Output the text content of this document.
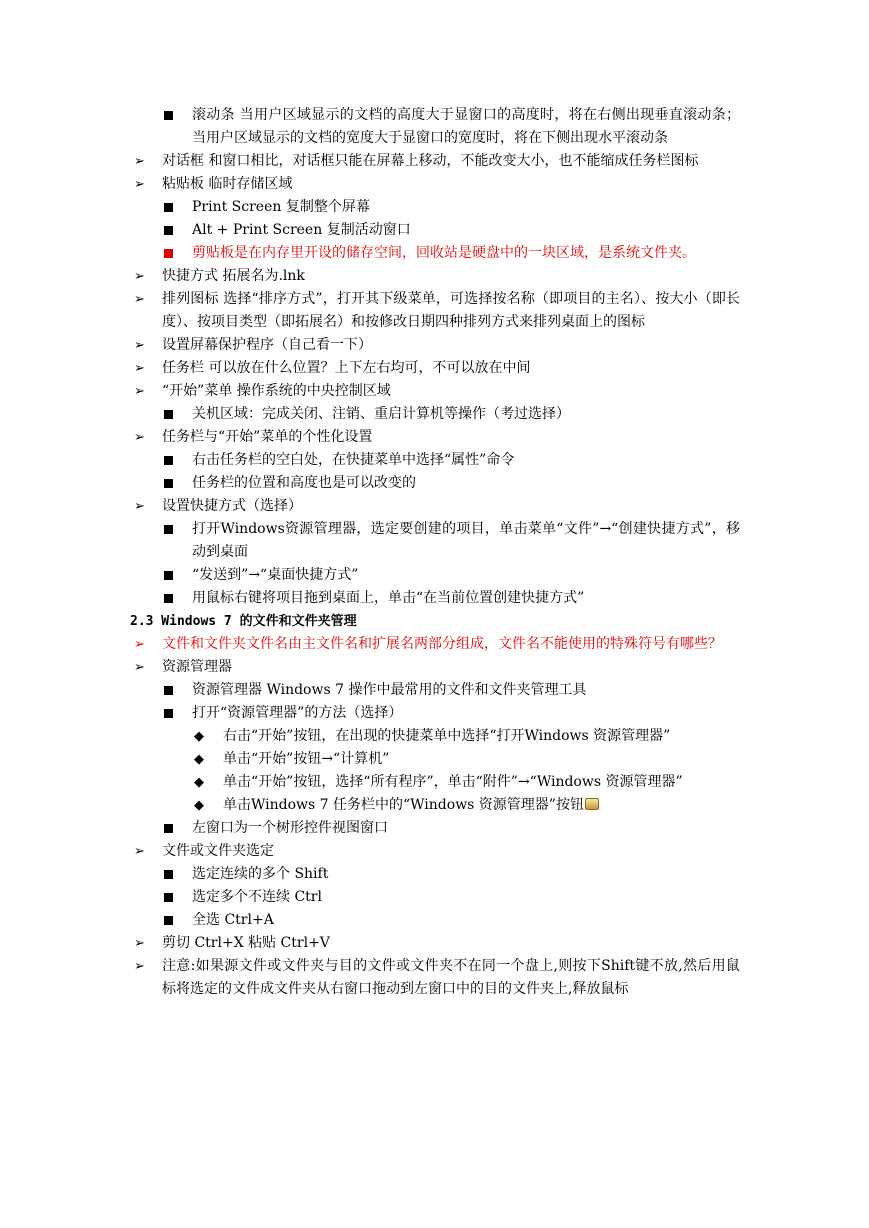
滚动条 当用户区域显示的文档的高度大于显窗口的高度时，将在右侧出现垂直滚动条；当用户区域显示的文档的宽度大于显窗口的宽度时，将在下侧出现水平滚动条
➢	对话框 和窗口相比，对话框只能在屏幕上移动，不能改变大小，也不能缩成任务栏图标
➢	粘贴板 临时存储区域
Print Screen 复制整个屏幕
Alt + Print Screen 复制活动窗口
剪贴板是在内存里开设的储存空间，回收站是硬盘中的一块区域，是系统文件夹。
➢	快捷方式 拓展名为.lnk
➢	排列图标 选择“排序方式”，打开其下级菜单，可选择按名称（即项目的主名）、按大小（即长度）、按项目类型（即拓展名）和按修改日期四种排列方式来排列桌面上的图标
➢	设置屏幕保护程序（自己看一下）
➢	任务栏 可以放在什么位置？上下左右均可，不可以放在中间
➢	“开始”菜单 操作系统的中央控制区域
关机区域：完成关闭、注销、重启计算机等操作（考过选择）
➢	任务栏与“开始”菜单的个性化设置
右击任务栏的空白处，在快捷菜单中选择“属性”命令
任务栏的位置和高度也是可以改变的
➢	设置快捷方式（选择）
打开Windows资源管理器，选定要创建的项目，单击菜单“文件”→“创建快捷方式”，移动到桌面
“发送到”→“桌面快捷方式”
用鼠标右键将项目拖到桌面上，单击“在当前位置创建快捷方式”
2.3 Windows 7 的文件和文件夹管理
➢	文件和文件夹文件名由主文件名和扩展名两部分组成，文件名不能使用的特殊符号有哪些？
➢	资源管理器
资源管理器 Windows 7 操作中最常用的文件和文件夹管理工具
打开“资源管理器”的方法（选择）
◆	右击“开始”按钮，在出现的快捷菜单中选择“打开Windows 资源管理器”
◆	单击“开始”按钮→“计算机”
◆	单击“开始”按钮，选择“所有程序”，单击“附件”→“Windows 资源管理器”
◆	单击Windows 7 任务栏中的“Windows 资源管理器”按钮
左窗口为一个树形控件视图窗口
➢	文件或文件夹选定
选定连续的多个 Shift
选定多个不连续 Ctrl
全选 Ctrl+A
➢	剪切 Ctrl+X 粘贴 Ctrl+V
➢	注意:如果源文件或文件夹与目的文件或文件夹不在同一个盘上,则按下Shift键不放,然后用鼠标将选定的文件成文件夹从右窗口拖动到左窗口中的目的文件夹上,释放鼠标
